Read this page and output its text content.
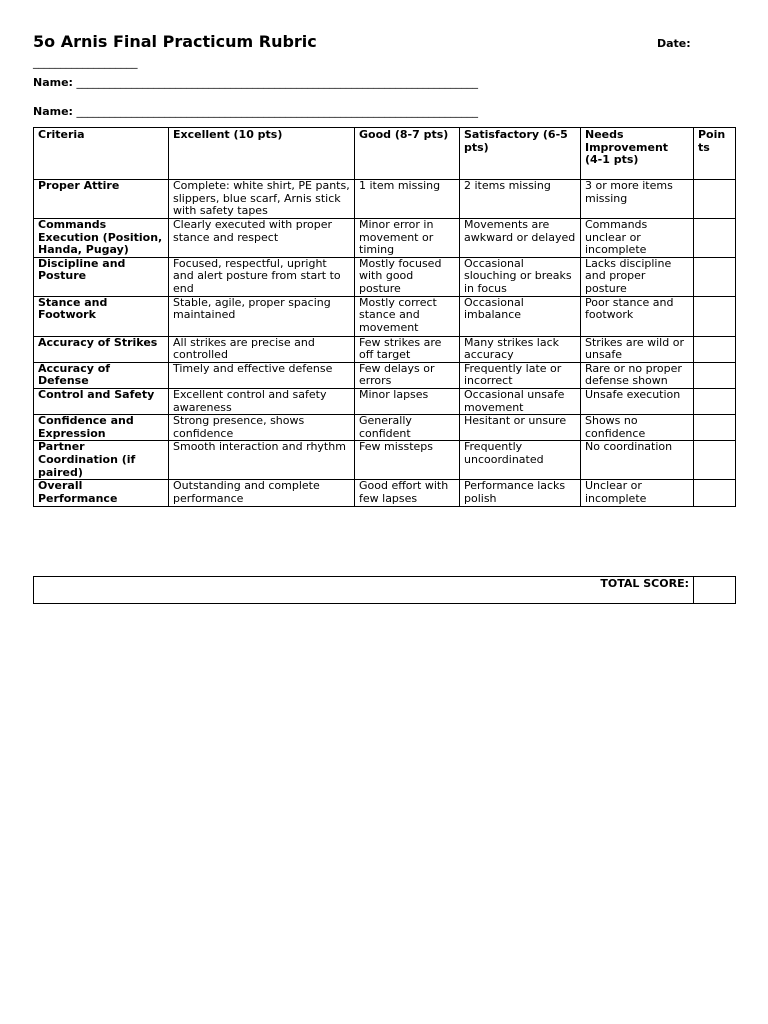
5o Arnis Final Practicum Rubric	Date:
___________________
Name: _________________________________________________________________________
Name: _________________________________________________________________________
Criteria	Excellent (10 pts)	Good (8-7 pts)	Satisfactory (6-5 pts)	Needs Improvement (4-1 pts)	Poin ts
Proper Attire	Complete: white shirt, PE pants, slippers, blue scarf, Arnis stick with safety tapes	1 item missing	2 items missing	3 or more items missing	
Commands Execution (Position, Handa, Pugay)	Clearly executed with proper stance and respect	Minor error in movement or timing	Movements are awkward or delayed	Commands unclear or incomplete	
Discipline and Posture	Focused, respectful, upright and alert posture from start to end	Mostly focused with good posture	Occasional slouching or breaks in focus	Lacks discipline and proper posture	
Stance and Footwork	Stable, agile, proper spacing maintained	Mostly correct stance and movement	Occasional imbalance	Poor stance and footwork	
Accuracy of Strikes	All strikes are precise and controlled	Few strikes are off target	Many strikes lack accuracy	Strikes are wild or unsafe	
Accuracy of Defense	Timely and effective defense	Few delays or errors	Frequently late or incorrect	Rare or no proper defense shown	
Control and Safety	Excellent control and safety awareness	Minor lapses	Occasional unsafe movement	Unsafe execution	
Confidence and Expression	Strong presence, shows confidence	Generally confident	Hesitant or unsure	Shows no confidence	
Partner Coordination (if paired)	Smooth interaction and rhythm	Few missteps	Frequently uncoordinated	No coordination	
Overall Performance	Outstanding and complete performance	Good effort with few lapses	Performance lacks polish	Unclear or incomplete	
TOTAL SCORE:	
